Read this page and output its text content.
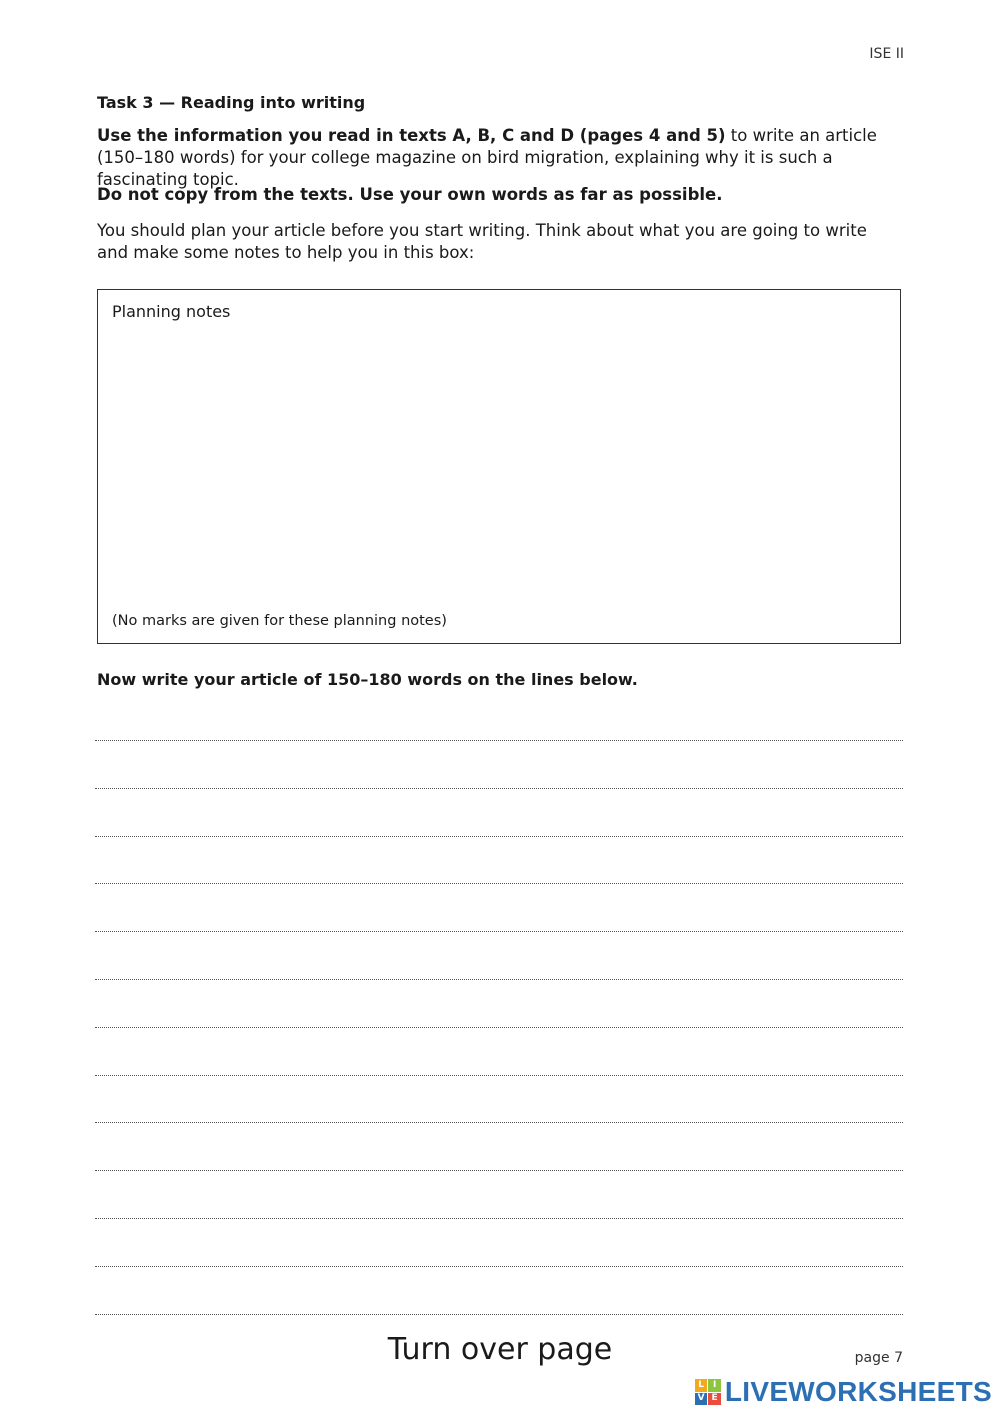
ISE II
Task 3 — Reading into writing
Use the information you read in texts A, B, C and D (pages 4 and 5) to write an article (150–180 words) for your college magazine on bird migration, explaining why it is such a fascinating topic.
Do not copy from the texts. Use your own words as far as possible.
You should plan your article before you start writing. Think about what you are going to write and make some notes to help you in this box:
Planning notes
(No marks are given for these planning notes)
Now write your article of 150–180 words on the lines below.
Turn over page	page 7
L I
V E LIVEWORKSHEETS
